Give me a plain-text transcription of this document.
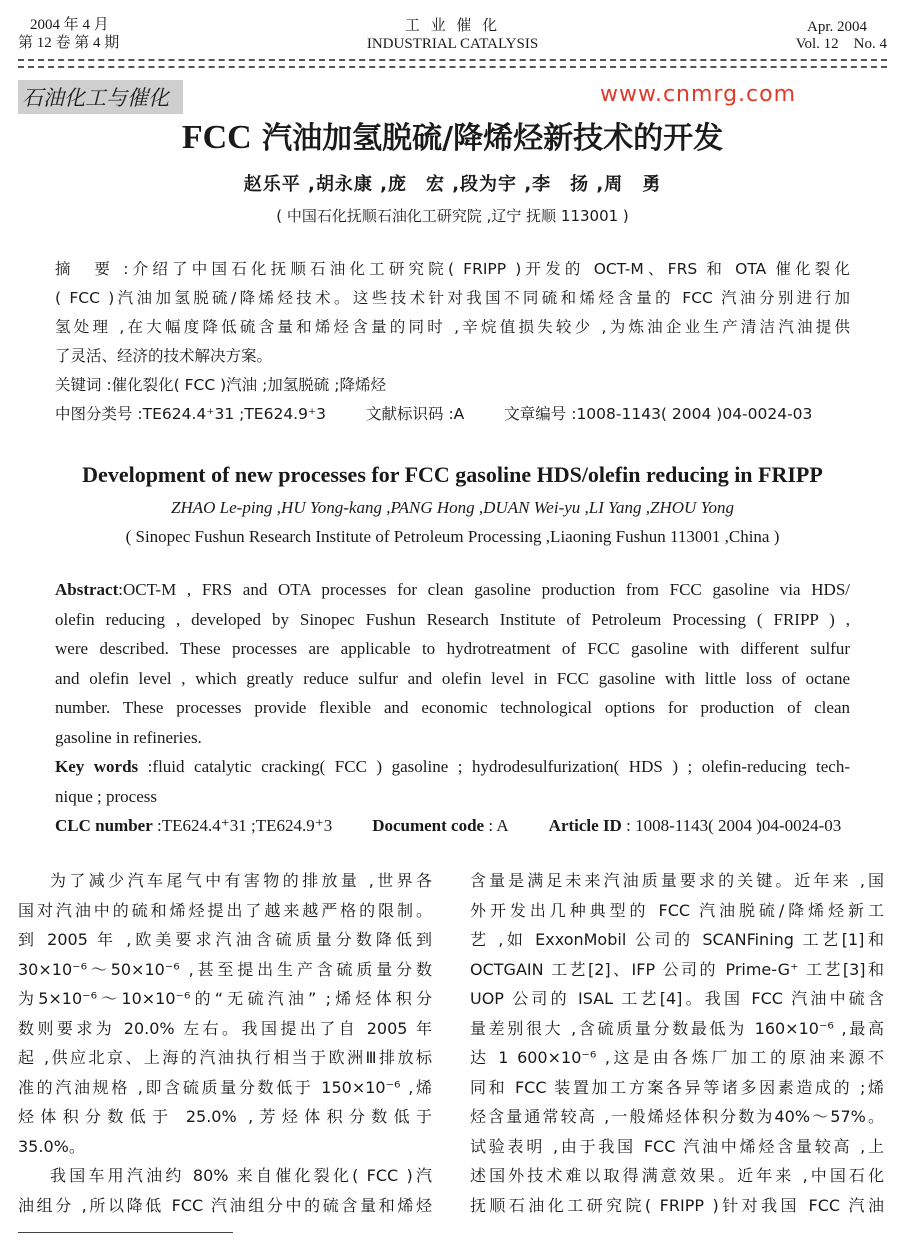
2004 年 4 月
第 12 卷 第 4 期
工 业 催 化
INDUSTRIAL CATALYSIS
Apr. 2004
Vol. 12    No. 4
石油化工与催化	www.cnmrg.com
FCC 汽油加氢脱硫/降烯烃新技术的开发
赵乐平 ,胡永康 ,庞　宏 ,段为宇 ,李　扬 ,周　勇
( 中国石化抚顺石油化工研究院 ,辽宁 抚顺 113001 )
摘　要 :介绍了中国石化抚顺石油化工研究院( FRIPP )开发的 OCT-M、FRS 和 OTA 催化裂化
( FCC )汽油加氢脱硫/降烯烃技术。这些技术针对我国不同硫和烯烃含量的 FCC 汽油分别进行加
氢处理 ,在大幅度降低硫含量和烯烃含量的同时 ,辛烷值损失较少 ,为炼油企业生产清洁汽油提供
了灵活、经济的技术解决方案。
关键词 :催化裂化( FCC )汽油 ;加氢脱硫 ;降烯烃
中图分类号 :TE624.4⁺31 ;TE624.9⁺3	文献标识码 :A	文章编号 :1008-1143( 2004 )04-0024-03
Development of new processes for FCC gasoline HDS/olefin reducing in FRIPP
ZHAO Le-ping ,HU Yong-kang ,PANG Hong ,DUAN Wei-yu ,LI Yang ,ZHOU Yong
( Sinopec Fushun Research Institute of Petroleum Processing ,Liaoning Fushun 113001 ,China )
Abstract:OCT-M , FRS and OTA processes for clean gasoline production from FCC gasoline via HDS/
olefin reducing , developed by Sinopec Fushun Research Institute of Petroleum Processing ( FRIPP ) ,
were described. These processes are applicable to hydrotreatment of FCC gasoline with different sulfur
and olefin level , which greatly reduce sulfur and olefin level in FCC gasoline with little loss of octane
number. These processes provide flexible and economic technological options for production of clean
gasoline in refineries.
Key words :fluid catalytic cracking( FCC ) gasoline ; hydrodesulfurization( HDS ) ; olefin-reducing tech-
nique ; process
CLC number :TE624.4⁺31 ;TE624.9⁺3 Document code : A Article ID : 1008-1143( 2004 )04-0024-03
为了减少汽车尾气中有害物的排放量 ,世界各
国对汽油中的硫和烯烃提出了越来越严格的限制。
到 2005 年 ,欧美要求汽油含硫质量分数降低到
30×10⁻⁶～50×10⁻⁶ ,甚至提出生产含硫质量分数
为5×10⁻⁶～10×10⁻⁶的“无硫汽油” ;烯烃体积分
数则要求为 20.0% 左右。我国提出了自 2005 年
起 ,供应北京、上海的汽油执行相当于欧洲Ⅲ排放标
准的汽油规格 ,即含硫质量分数低于 150×10⁻⁶ ,烯
烃体积分数低于 25.0% ,芳烃体积分数低于
35.0%。
我国车用汽油约 80% 来自催化裂化( FCC )汽
油组分 ,所以降低 FCC 汽油组分中的硫含量和烯烃
含量是满足未来汽油质量要求的关键。近年来 ,国
外开发出几种典型的 FCC 汽油脱硫/降烯烃新工
艺 ,如 ExxonMobil 公司的 SCANFining 工艺[1]和
OCTGAIN 工艺[2]、IFP 公司的 Prime-G⁺ 工艺[3]和
UOP 公司的 ISAL 工艺[4]。我国 FCC 汽油中硫含
量差别很大 ,含硫质量分数最低为 160×10⁻⁶ ,最高
达 1 600×10⁻⁶ ,这是由各炼厂加工的原油来源不
同和 FCC 装置加工方案各异等诸多因素造成的 ;烯
烃含量通常较高 ,一般烯烃体积分数为40%～57%。
试验表明 ,由于我国 FCC 汽油中烯烃含量较高 ,上
述国外技术难以取得满意效果。近年来 ,中国石化
抚顺石油化工研究院( FRIPP )针对我国 FCC 汽油
